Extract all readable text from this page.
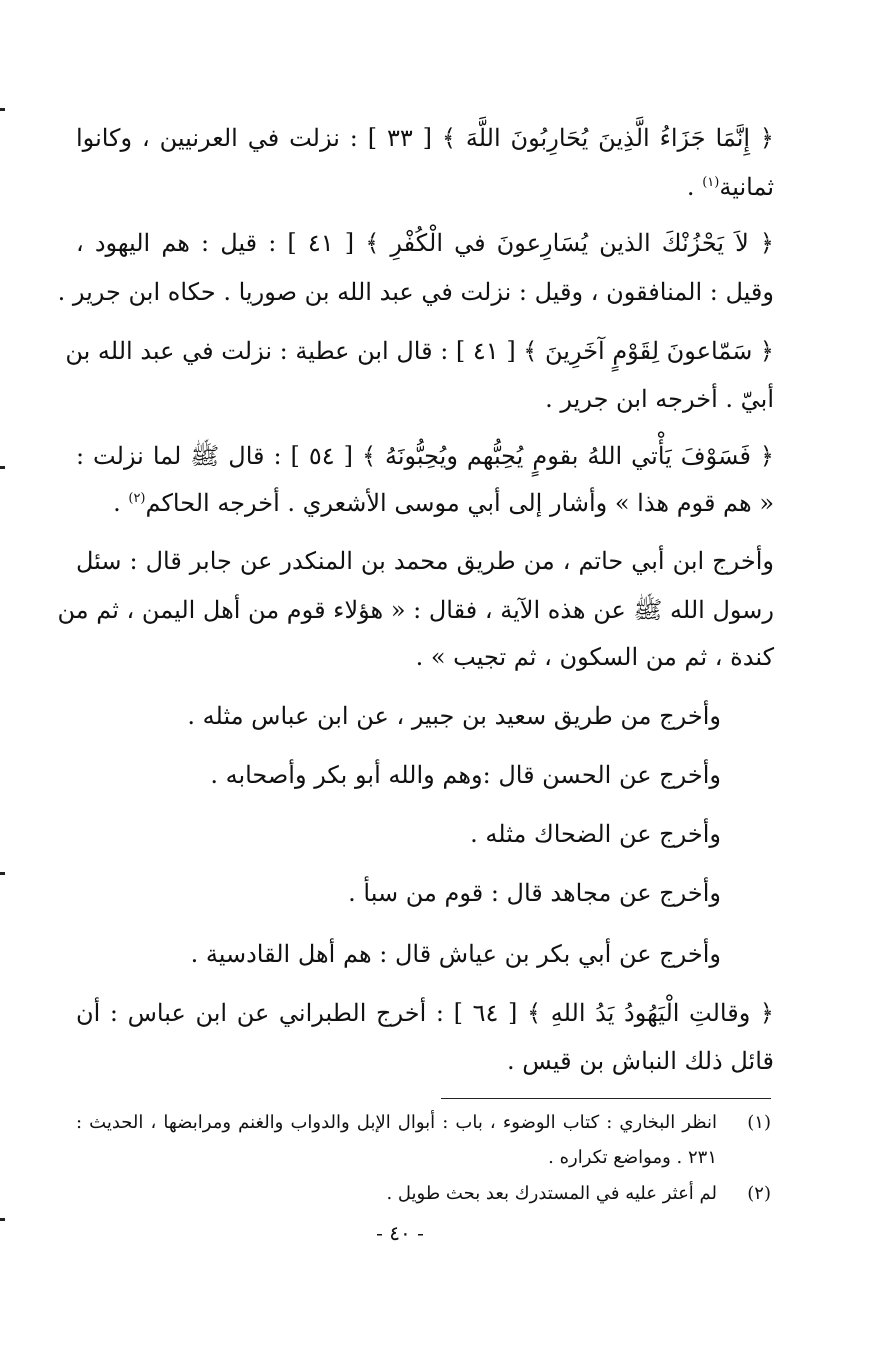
﴿ إِنَّمَا جَزَاءُ الَّذِينَ يُحَارِبُونَ اللَّهَ ﴾ [ ٣٣ ] : نزلت في العرنيين ، وكانوا
ثمانية$^{(١)}$ .
﴿ لاَ يَحْزُنْكَ الذين يُسَارِعونَ في الْكُفْرِ ﴾ [ ٤١ ] : قيل : هم اليهود ،
وقيل : المنافقون ، وقيل : نزلت في عبد الله بن صوريا . حكاه ابن جرير .
﴿ سَمّاعونَ لِقَوْمٍ آخَرِينَ ﴾ [ ٤١ ] : قال ابن عطية : نزلت في عبد الله بن
أبيّ . أخرجه ابن جرير .
﴿ فَسَوْفَ يَأْتي اللهُ بقومٍ يُحِبُّهم ويُحِبُّونَهُ ﴾ [ ٥٤ ] : قال ﷺ لما نزلت :
« هم قوم هذا » وأشار إلى أبي موسى الأشعري . أخرجه الحاكم$^{(٢)}$ .
وأخرج ابن أبي حاتم ، من طريق محمد بن المنكدر عن جابر قال : سئل
رسول الله ﷺ عن هذه الآية ، فقال : « هؤلاء قوم من أهل اليمن ، ثم من
كندة ، ثم من السكون ، ثم تجيب » .
وأخرج من طريق سعيد بن جبير ، عن ابن عباس مثله .
وأخرج عن الحسن قال :وهم والله أبو بكر وأصحابه .
وأخرج عن الضحاك مثله .
وأخرج عن مجاهد قال : قوم من سبأ .
وأخرج عن أبي بكر بن عياش قال : هم أهل القادسية .
﴿ وقالتِ الْيَهُودُ يَدُ اللهِ ﴾ [ ٦٤ ] : أخرج الطبراني عن ابن عباس : أن
قائل ذلك النباش بن قيس .
(١)
انظر البخاري : كتاب الوضوء ، باب : أبوال الإبل والدواب والغنم ومرابضها ، الحديث :
٢٣١ . ومواضع تكراره .
(٢)
لم أعثر عليه في المستدرك بعد بحث طويل .
- ٤٠ -
